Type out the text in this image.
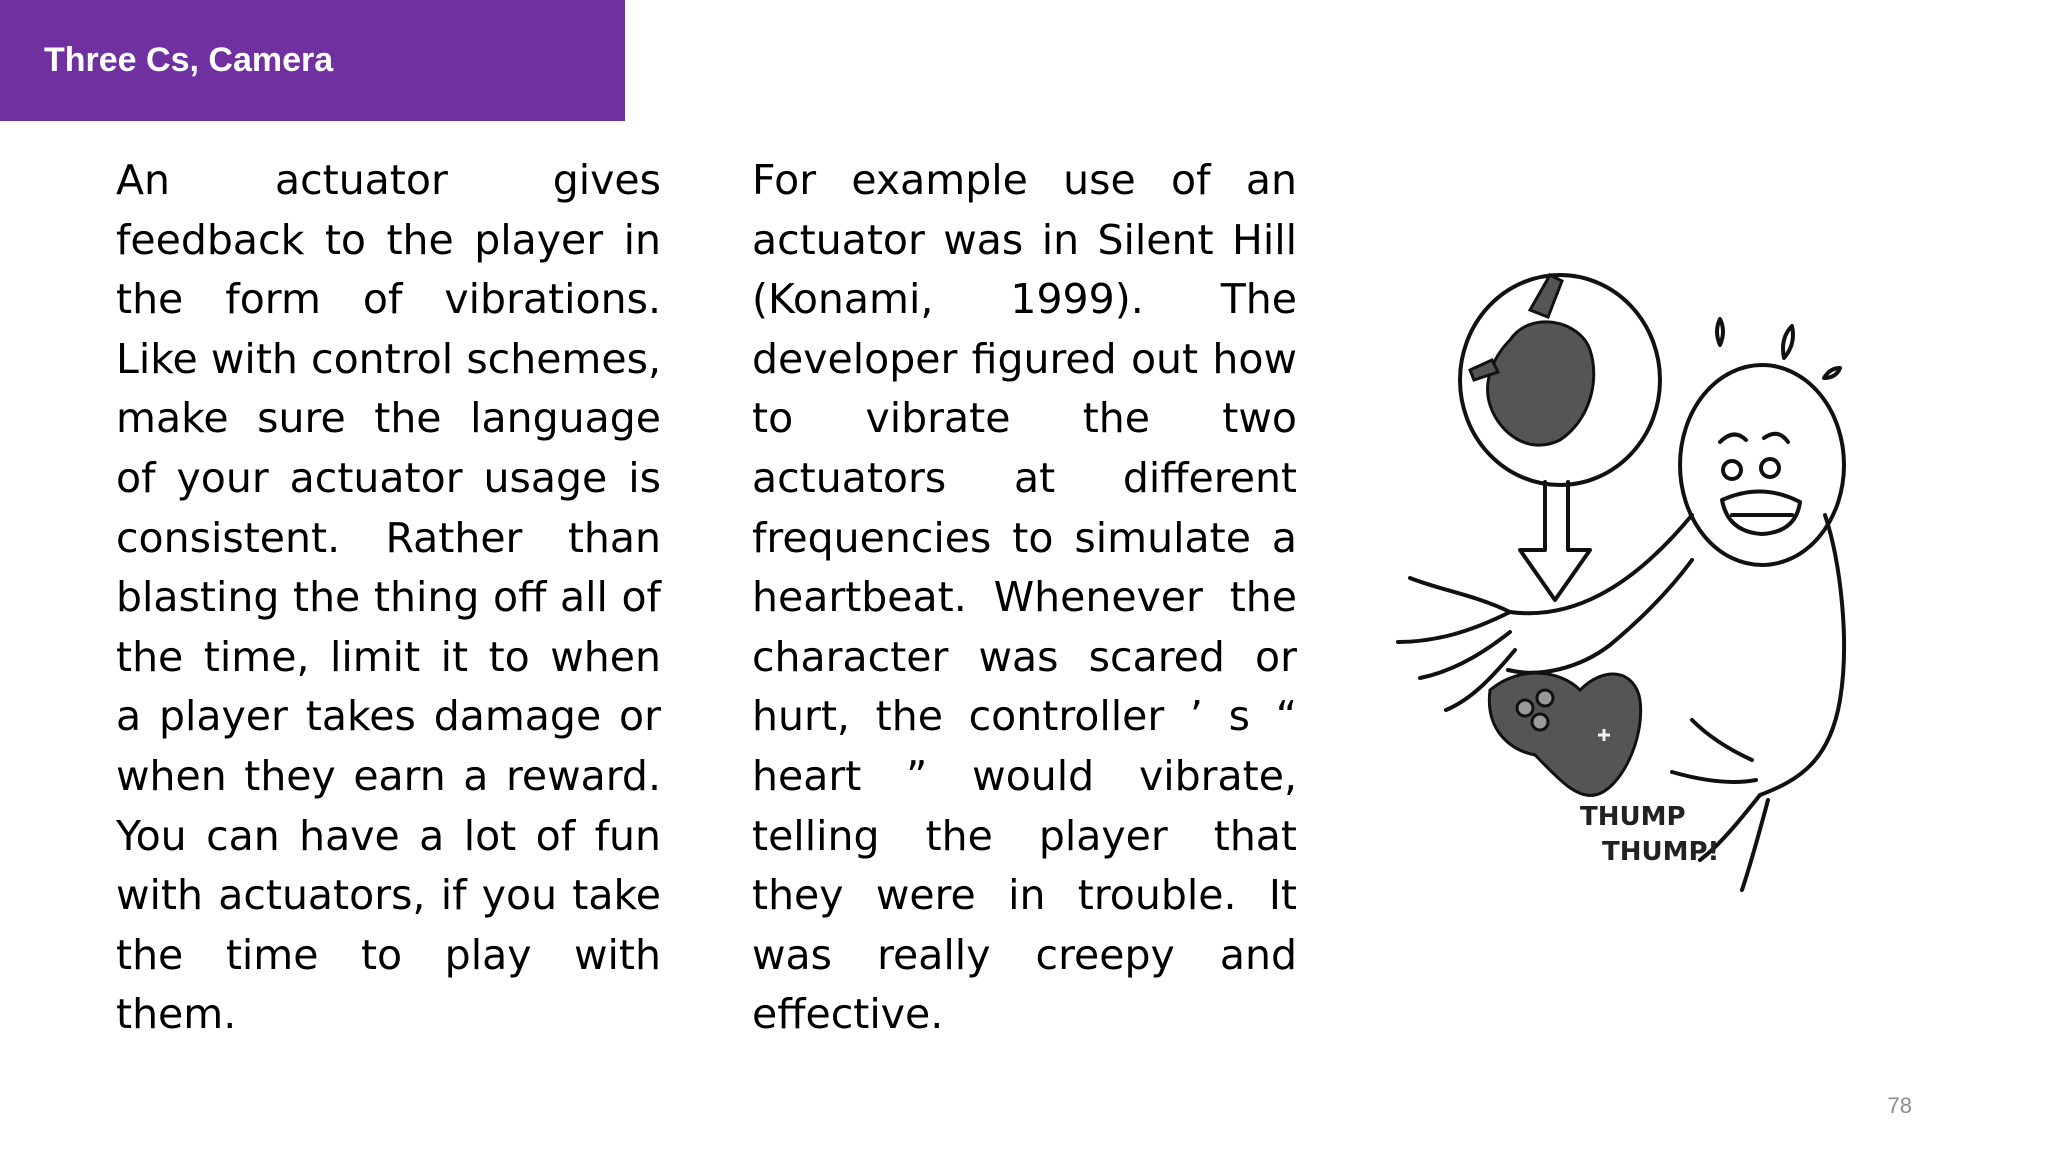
Three Cs, Camera
An actuator gives feedback to the player in the form of vibrations. Like with control schemes, make sure the language of your actuator usage is consistent. Rather than blasting the thing off all of the time, limit it to when a player takes damage or when they earn a reward. You can have a lot of fun with actuators, if you take the time to play with them.
For example use of an actuator was in Silent Hill (Konami, 1999). The developer figured out how to vibrate the two actuators at different frequencies to simulate a heartbeat. Whenever the character was scared or hurt, the controller ’ s “ heart ” would vibrate, telling the player that they were in trouble. It was really creepy and effective.
THUMP
THUMP!
78
